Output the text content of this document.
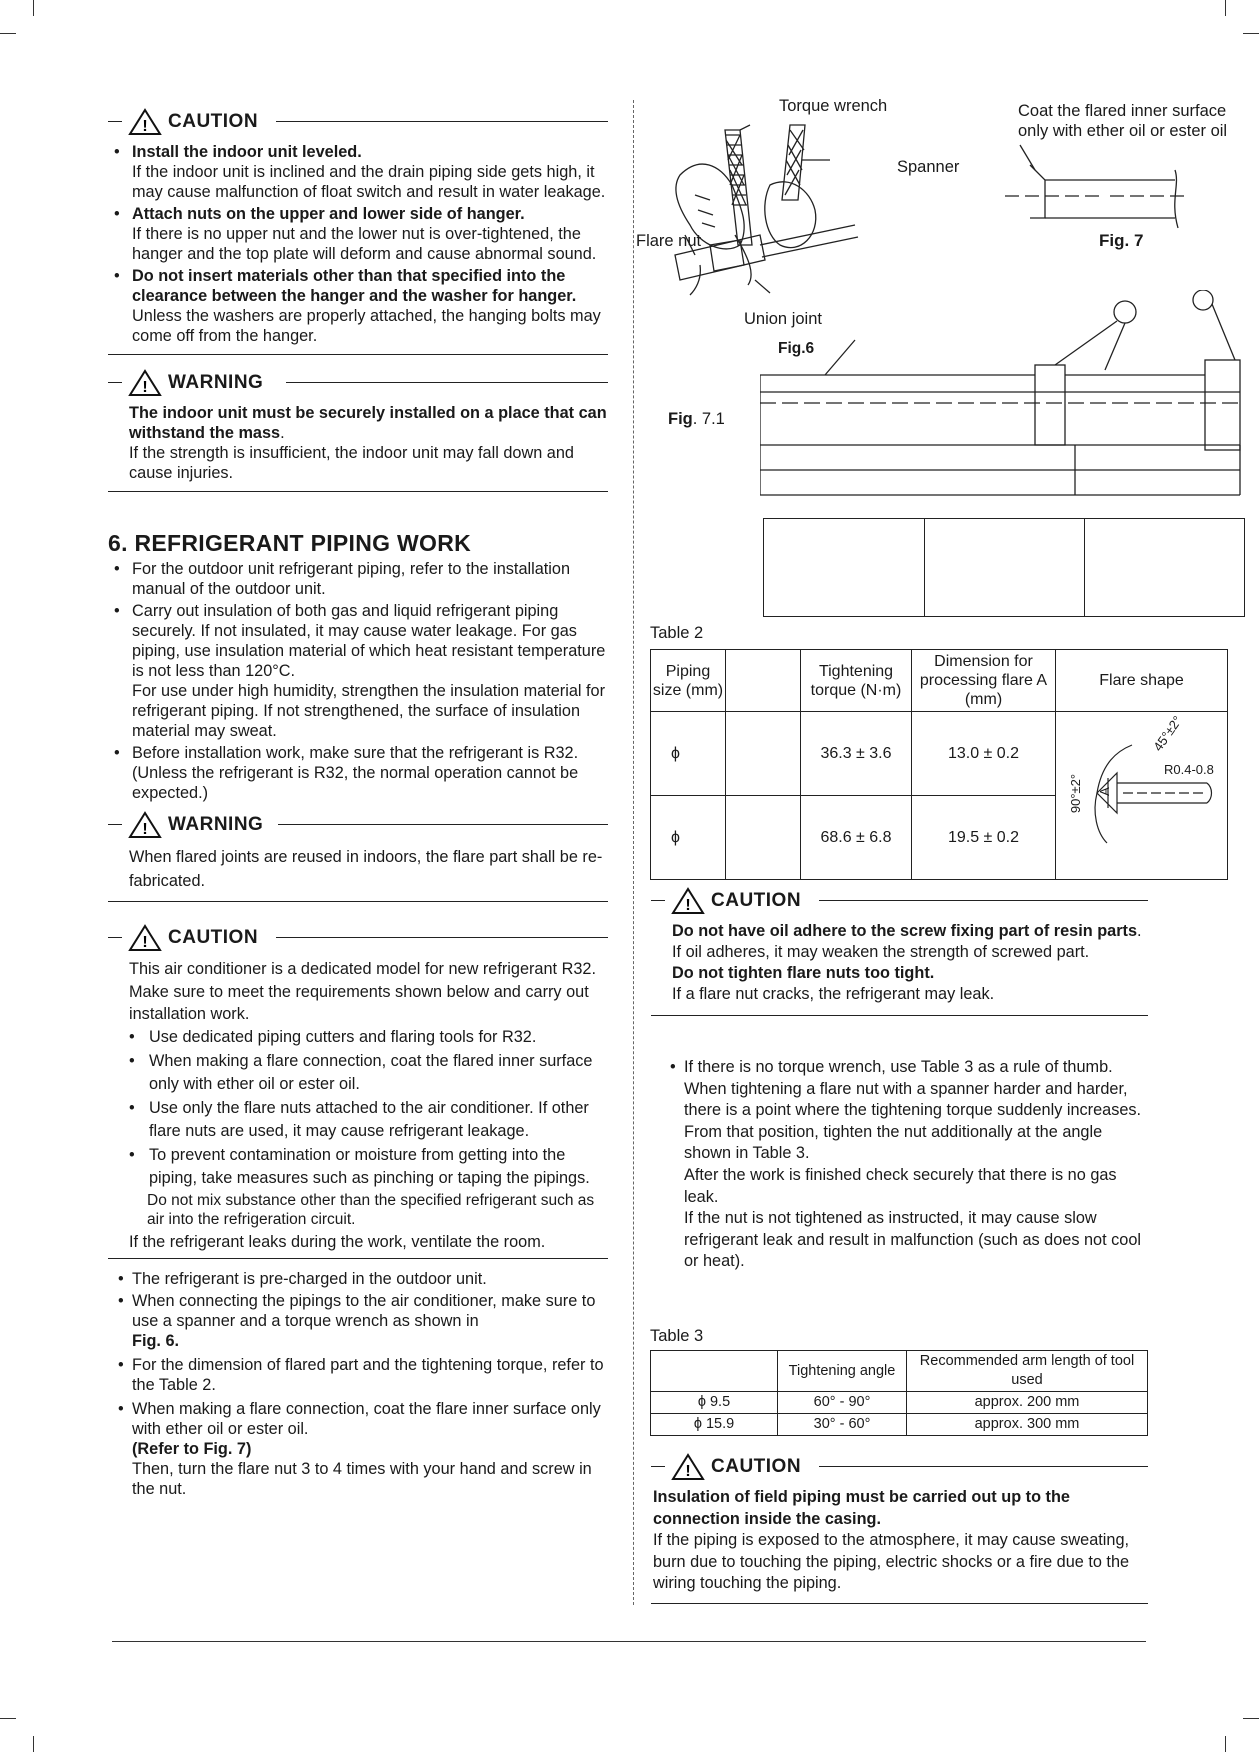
! CAUTION
• Install the indoor unit leveled.
If the indoor unit is inclined and the drain piping side gets high, it may cause malfunction of float switch and result in water leakage.
• Attach nuts on the upper and lower side of hanger.
If there is no upper nut and the lower nut is over-tightened, the hanger and the top plate will deform and cause abnormal sound.
• Do not insert materials other than that specified into the clearance between the hanger and the washer for hanger.
Unless the washers are properly attached, the hanging bolts may come off from the hanger.
! WARNING
The indoor unit must be securely installed on a place that can withstand the mass.
If the strength is insufficient, the indoor unit may fall down and cause injuries.
6. REFRIGERANT PIPING WORK
• For the outdoor unit refrigerant piping, refer to the installation manual of the outdoor unit.
• Carry out insulation of both gas and liquid refrigerant piping securely. If not insulated, it may cause water leakage. For gas piping, use insulation material of which heat resistant temperature is not less than 120°C.
For use under high humidity, strengthen the insulation material for refrigerant piping. If not strengthened, the surface of insulation material may sweat.
• Before installation work, make sure that the refrigerant is R32. (Unless the refrigerant is R32, the normal operation cannot be expected.)
! WARNING
When flared joints are reused in indoors, the flare part shall be re-fabricated.
! CAUTION
This air conditioner is a dedicated model for new refrigerant R32. Make sure to meet the requirements shown below and carry out installation work.
• Use dedicated piping cutters and flaring tools for R32.
• When making a flare connection, coat the flared inner surface only with ether oil or ester oil.
• Use only the flare nuts attached to the air conditioner. If other flare nuts are used, it may cause refrigerant leakage.
• To prevent contamination or moisture from getting into the piping, take measures such as pinching or taping the pipings.
Do not mix substance other than the specified refrigerant such as air into the refrigeration circuit.
If the refrigerant leaks during the work, ventilate the room.
• The refrigerant is pre-charged in the outdoor unit.
• When connecting the pipings to the air conditioner, make sure to use a spanner and a torque wrench as shown in
Fig. 6.
• For the dimension of flared part and the tightening torque, refer to the Table 2.
• When making a flare connection, coat the flare inner surface only with ether oil or ester oil.
(Refer to Fig. 7)
Then, turn the flare nut 3 to 4 times with your hand and screw in the nut.
Torque wrench
Spanner
Flare nut
Union joint
Fig.6
Coat the flared inner surface
only with ether oil or ester oil
Fig. 7
Fig. 7.1
Table 2
Piping size (mm)		Tightening torque (N·m)	Dimension for processing flare A (mm)	Flare shape
ϕ		36.3 ± 3.6	13.0 ± 0.2	45°±2°
R0.4-0.8
90°±2° A

ϕ		68.6 ± 6.8	19.5 ± 0.2	
! CAUTION
Do not have oil adhere to the screw fixing part of resin parts.
If oil adheres, it may weaken the strength of screwed part.
Do not tighten flare nuts too tight.
If a flare nut cracks, the refrigerant may leak.
• If there is no torque wrench, use Table 3 as a rule of thumb.
When tightening a flare nut with a spanner harder and harder, there is a point where the tightening torque suddenly increases.
From that position, tighten the nut additionally at the angle shown in Table 3.
After the work is finished check securely that there is no gas leak.
If the nut is not tightened as instructed, it may cause slow refrigerant leak and result in malfunction (such as does not cool or heat).
Table 3
	Tightening angle	Recommended arm length of tool used
ϕ 9.5	60° - 90°	approx. 200 mm
ϕ 15.9	30° - 60°	approx. 300 mm
! CAUTION
Insulation of field piping must be carried out up to the connection inside the casing.
If the piping is exposed to the atmosphere, it may cause sweating, burn due to touching the piping, electric shocks or a fire due to the wiring touching the piping.
